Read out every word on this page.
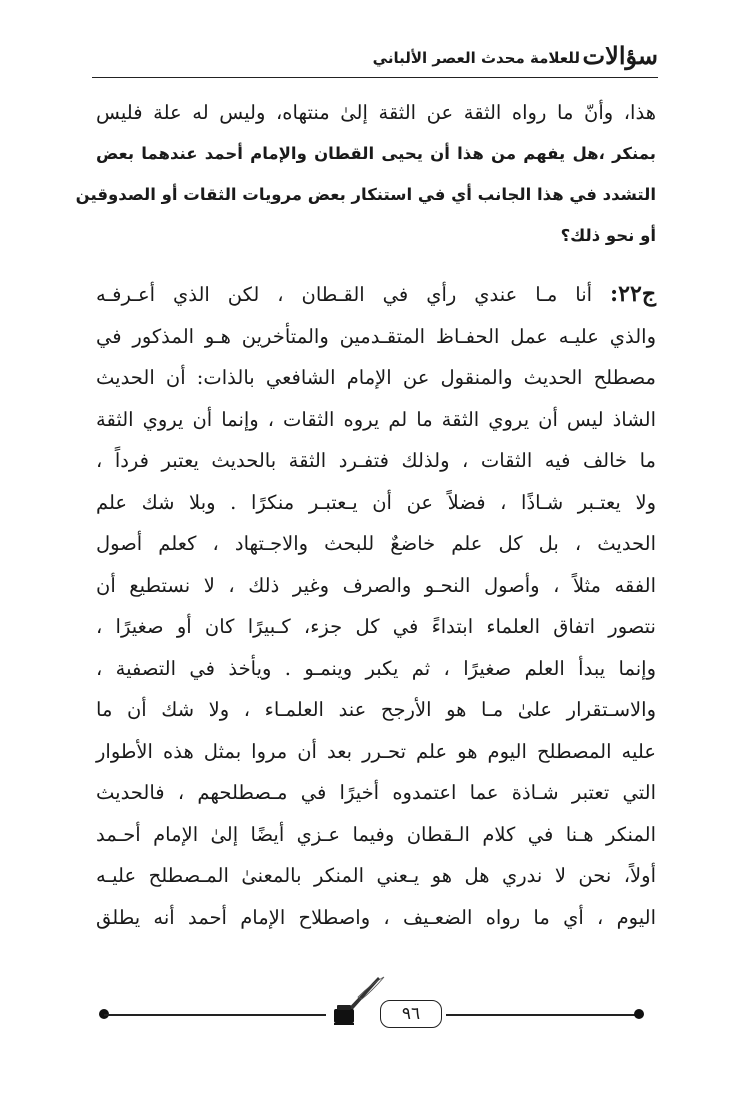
سؤالات
للعلامة محدث العصر الألباني
هذا، وأنّ ما رواه الثقة عن الثقة إلىٰ منتهاه، وليس له علة فليس
بمنكر ،هل يفهم من هذا أن يحيى القطان والإمام أحمد عندهما بعض
التشدد في هذا الجانب أي في استنكار بعض مرويات الثقات أو الصدوقين
أو نحو ذلك؟
ج٢٢: أنا مـا عندي رأي في القـطان ، لكن الذي أعـرفـه
والذي عليـه عمل الحفـاظ المتقـدمين والمتأخرين هـو المذكور في
مصطلح الحديث والمنقول عن الإمام الشافعي بالذات: أن الحديث
الشاذ ليس أن يروي الثقة ما لم يروه الثقات ، وإنما أن يروي الثقة
ما خالف فيه الثقات ، ولذلك فتفـرد الثقة بالحديث يعتبر فرداً ،
ولا يعتـبر شـاذًا ، فضلاً عن أن يـعتبـر منكرًا . وبلا شك علم
الحديث ، بل كل علم خاضعٌ للبحث والاجـتهاد ، كعلم أصول
الفقه مثلاً ، وأصول النحـو والصرف وغير ذلك ، لا نستطيع أن
نتصور اتفاق العلماء ابتداءً في كل جزء، كـبيرًا كان أو صغيرًا ،
وإنما يبدأ العلم صغيرًا ، ثم يكبر وينمـو . ويأخذ في التصفية ،
والاسـتقرار علىٰ مـا هو الأرجح عند العلمـاء ، ولا شك أن ما
عليه المصطلح اليوم هو علم تحـرر بعد أن مروا بمثل هذه الأطوار
التي تعتبر شـاذة عما اعتمدوه أخيرًا في مـصطلحهم ، فالحديث
المنكر هـنا في كلام الـقطان وفيما عـزي أيضًا إلىٰ الإمام أحـمد
أولاً، نحن لا ندري هل هو يـعني المنكر بالمعنىٰ المـصطلح عليـه
اليوم ، أي ما رواه الضعـيف ، واصطلاح الإمام أحمد أنه يطلق
٩٦
